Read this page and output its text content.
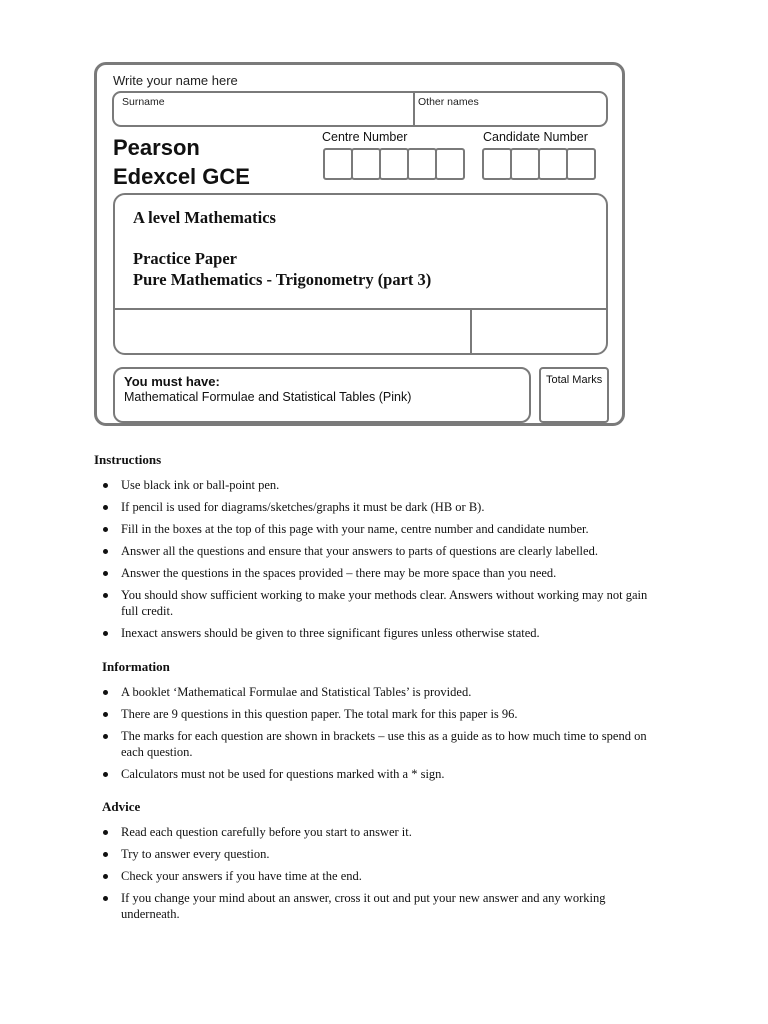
Write your name here
Surname	Other names
Pearson
Edexcel GCE
Centre Number	Candidate Number
A level Mathematics
Practice Paper
Pure Mathematics - Trigonometry (part 3)
You must have:
Mathematical Formulae and Statistical Tables (Pink)
Total Marks
Instructions
Use black ink or ball-point pen.
If pencil is used for diagrams/sketches/graphs it must be dark (HB or B).
Fill in the boxes at the top of this page with your name, centre number and candidate number.
Answer all the questions and ensure that your answers to parts of questions are clearly labelled.
Answer the questions in the spaces provided – there may be more space than you need.
You should show sufficient working to make your methods clear. Answers without working may not gain full credit.
Inexact answers should be given to three significant figures unless otherwise stated.
Information
A booklet ‘Mathematical Formulae and Statistical Tables’ is provided.
There are 9 questions in this question paper. The total mark for this paper is 96.
The marks for each question are shown in brackets – use this as a guide as to how much time to spend on each question.
Calculators must not be used for questions marked with a * sign.
Advice
Read each question carefully before you start to answer it.
Try to answer every question.
Check your answers if you have time at the end.
If you change your mind about an answer, cross it out and put your new answer and any working underneath.
